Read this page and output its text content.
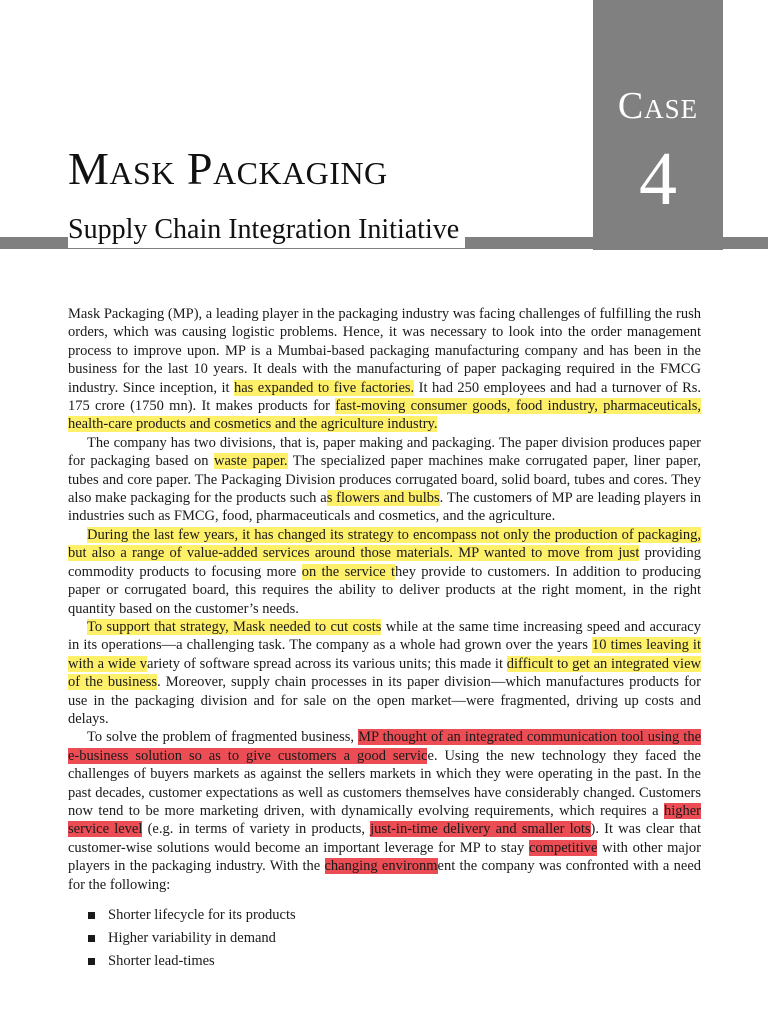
Case
4
Mask Packaging
Supply Chain Integration Initiative

Mask Packaging (MP), a leading player in the packaging industry was facing challenges of fulfilling the rush orders, which was causing logistic problems. Hence, it was necessary to look into the order management process to improve upon. MP is a Mumbai-based packaging manufacturing company and has been in the business for the last 10 years. It deals with the manufacturing of paper packaging required in the FMCG industry. Since inception, it has expanded to five factories. It had 250 employees and had a turnover of Rs. 175 crore (1750 mn). It makes products for fast-moving consumer goods, food industry, pharmaceuticals, health-care products and cosmetics and the agriculture industry.

The company has two divisions, that is, paper making and packaging. The paper division produces paper for packaging based on waste paper. The specialized paper machines make corrugated paper, liner paper, tubes and core paper. The Packaging Division produces corrugated board, solid board, tubes and cores. They also make packaging for the products such as flowers and bulbs. The customers of MP are leading players in industries such as FMCG, food, pharmaceuticals and cosmetics, and the agriculture.

During the last few years, it has changed its strategy to encompass not only the production of packaging, but also a range of value-added services around those materials. MP wanted to move from just providing commodity products to focusing more on the service they provide to customers. In addition to producing paper or corrugated board, this requires the ability to deliver products at the right moment, in the right quantity based on the customer’s needs.

To support that strategy, Mask needed to cut costs while at the same time increasing speed and accuracy in its operations—a challenging task. The company as a whole had grown over the years 10 times leaving it with a wide variety of software spread across its various units; this made it difficult to get an integrated view of the business. Moreover, supply chain processes in its paper division—which manufactures products for use in the packaging division and for sale on the open market—were fragmented, driving up costs and delays.

To solve the problem of fragmented business, MP thought of an integrated communication tool using the e-business solution so as to give customers a good service. Using the new technology they faced the challenges of buyers markets as against the sellers markets in which they were operating in the past. In the past decades, customer expectations as well as customers themselves have considerably changed. Customers now tend to be more marketing driven, with dynamically evolving requirements, which requires a higher service level (e.g. in terms of variety in products, just-in-time delivery and smaller lots). It was clear that customer-wise solutions would become an important leverage for MP to stay competitive with other major players in the packaging industry. With the changing environment the company was confronted with a need for the following:

Shorter lifecycle for its products
Higher variability in demand
Shorter lead-times
